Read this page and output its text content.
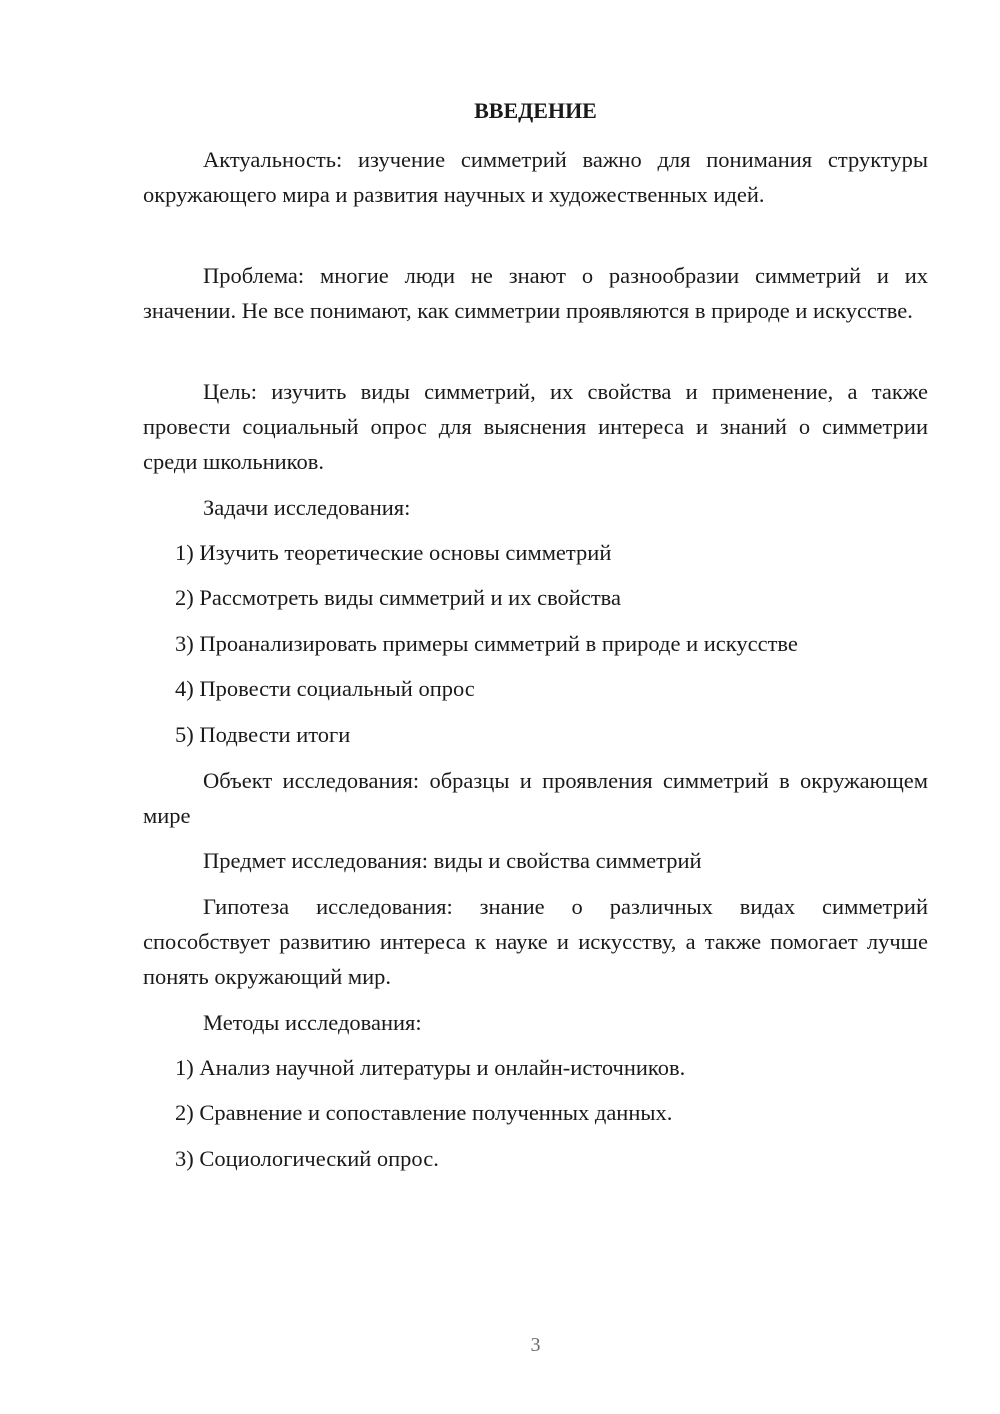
ВВЕДЕНИЕ

Актуальность: изучение симметрий важно для понимания структуры окружающего мира и развития научных и художественных идей.

Проблема: многие люди не знают о разнообразии симметрий и их значении. Не все понимают, как симметрии проявляются в природе и искусстве.

Цель: изучить виды симметрий, их свойства и применение, а также провести социальный опрос для выяснения интереса и знаний о симметрии среди школьников.

Задачи исследования:

1) Изучить теоретические основы симметрий

2) Рассмотреть виды симметрий и их свойства

3) Проанализировать примеры симметрий в природе и искусстве

4) Провести социальный опрос

5) Подвести итоги

Объект исследования: образцы и проявления симметрий в окружающем мире

Предмет исследования: виды и свойства симметрий

Гипотеза исследования: знание о различных видах симметрий способствует развитию интереса к науке и искусству, а также помогает лучше понять окружающий мир.

Методы исследования:

1) Анализ научной литературы и онлайн-источников.

2) Сравнение и сопоставление полученных данных.

3) Социологический опрос.

3
